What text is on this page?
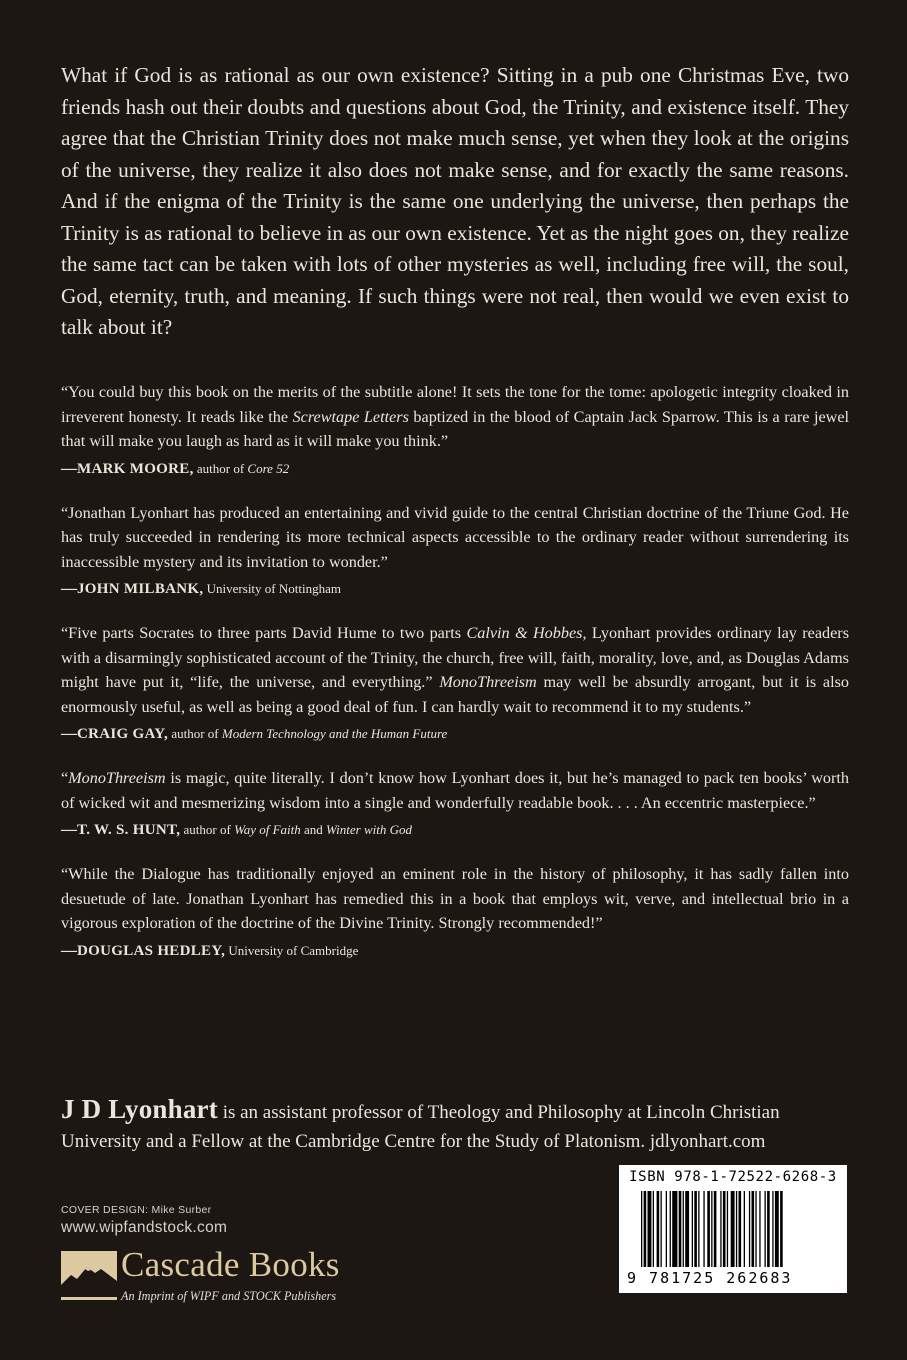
What if God is as rational as our own existence? Sitting in a pub one Christmas Eve, two friends hash out their doubts and questions about God, the Trinity, and existence itself. They agree that the Christian Trinity does not make much sense, yet when they look at the origins of the universe, they realize it also does not make sense, and for exactly the same reasons. And if the enigma of the Trinity is the same one underlying the universe, then perhaps the Trinity is as rational to believe in as our own existence. Yet as the night goes on, they realize the same tact can be taken with lots of other mysteries as well, including free will, the soul, God, eternity, truth, and meaning. If such things were not real, then would we even exist to talk about it?

“You could buy this book on the merits of the subtitle alone! It sets the tone for the tome: apologetic integrity cloaked in irreverent honesty. It reads like the Screwtape Letters baptized in the blood of Captain Jack Sparrow. This is a rare jewel that will make you laugh as hard as it will make you think.”

—MARK MOORE, author of Core 52

“Jonathan Lyonhart has produced an entertaining and vivid guide to the central Christian doctrine of the Triune God. He has truly succeeded in rendering its more technical aspects accessible to the ordinary reader without surrendering its inaccessible mystery and its invitation to wonder.”

—JOHN MILBANK, University of Nottingham

“Five parts Socrates to three parts David Hume to two parts Calvin & Hobbes, Lyonhart provides ordinary lay readers with a disarmingly sophisticated account of the Trinity, the church, free will, faith, morality, love, and, as Douglas Adams might have put it, “life, the universe, and everything.” MonoThreeism may well be absurdly arrogant, but it is also enormously useful, as well as being a good deal of fun. I can hardly wait to recommend it to my students.”

—CRAIG GAY, author of Modern Technology and the Human Future

“MonoThreeism is magic, quite literally. I don’t know how Lyonhart does it, but he’s managed to pack ten books’ worth of wicked wit and mesmerizing wisdom into a single and wonderfully readable book. . . . An eccentric masterpiece.”

—T. W. S. HUNT, author of Way of Faith and Winter with God

“While the Dialogue has traditionally enjoyed an eminent role in the history of philosophy, it has sadly fallen into desuetude of late. Jonathan Lyonhart has remedied this in a book that employs wit, verve, and intellectual brio in a vigorous exploration of the doctrine of the Divine Trinity. Strongly recommended!”

—DOUGLAS HEDLEY, University of Cambridge

J D Lyonhart is an assistant professor of Theology and Philosophy at Lincoln Christian University and a Fellow at the Cambridge Centre for the Study of Platonism. jdlyonhart.com

COVER DESIGN: Mike Surber
www.wipfandstock.com
Cascade Books
An Imprint of WIPF and STOCK Publishers
ISBN 978-1-72522-6268-3
9 781725 262683
